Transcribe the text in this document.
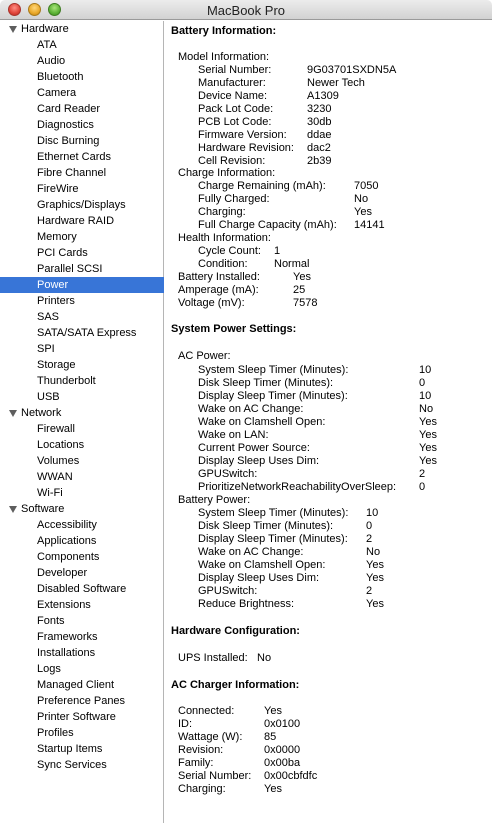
MacBook Pro
Hardware
ATA
Audio
Bluetooth
Camera
Card Reader
Diagnostics
Disc Burning
Ethernet Cards
Fibre Channel
FireWire
Graphics/Displays
Hardware RAID
Memory
PCI Cards
Parallel SCSI
Power
Printers
SAS
SATA/SATA Express
SPI
Storage
Thunderbolt
USB
Network
Firewall
Locations
Volumes
WWAN
Wi-Fi
Software
Accessibility
Applications
Components
Developer
Disabled Software
Extensions
Fonts
Frameworks
Installations
Logs
Managed Client
Preference Panes
Printer Software
Profiles
Startup Items
Sync Services
Battery Information:
Model Information:
Serial Number:	9G03701SXDN5A
Manufacturer:	Newer Tech
Device Name:	A1309
Pack Lot Code:	3230
PCB Lot Code:	30db
Firmware Version: ddae
Hardware Revision: dac2
Cell Revision:	2b39
Charge Information:
Charge Remaining (mAh):	7050
Fully Charged:	No
Charging:	Yes
Full Charge Capacity (mAh): 14141
Health Information:
Cycle Count: 1
Condition: Normal
Battery Installed:	Yes
Amperage (mA):	25
Voltage (mV):	7578
System Power Settings:
AC Power:
System Sleep Timer (Minutes):	10
Disk Sleep Timer (Minutes):	0
Display Sleep Timer (Minutes):	10
Wake on AC Change:	No
Wake on Clamshell Open:	Yes
Wake on LAN:	Yes
Current Power Source:	Yes
Display Sleep Uses Dim:	Yes
GPUSwitch:	2
PrioritizeNetworkReachabilityOverSleep: 0
Battery Power:
System Sleep Timer (Minutes): 10
Disk Sleep Timer (Minutes):	0
Display Sleep Timer (Minutes): 2
Wake on AC Change:	No
Wake on Clamshell Open:	Yes
Display Sleep Uses Dim:	Yes
GPUSwitch:	2
Reduce Brightness:	Yes
Hardware Configuration:
UPS Installed: No
AC Charger Information:
Connected:	Yes
ID:	0x0100
Wattage (W): 85
Revision:	0x0000
Family:	0x00ba
Serial Number: 0x00cbfdfc
Charging:	Yes
